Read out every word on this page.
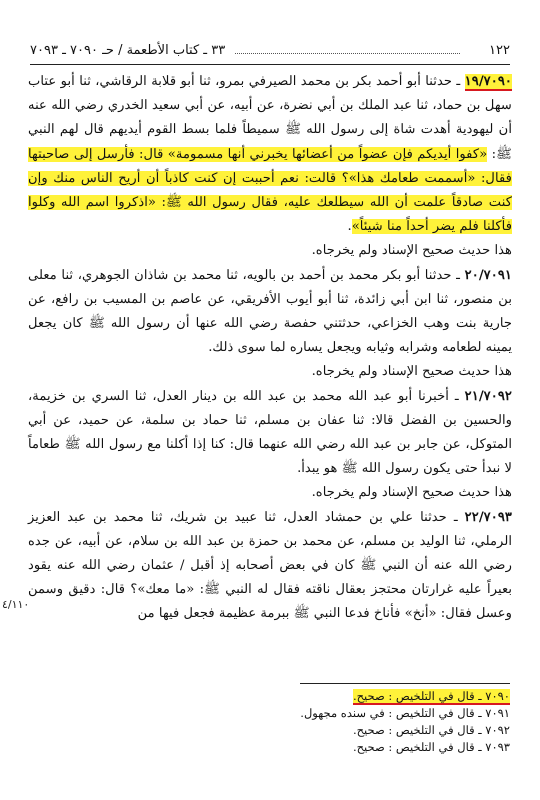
١٢٢
٣٣ ـ كتاب الأطعمة / حـ ٧٠٩٠ ـ ٧٠٩٣

١٩/٧٠٩٠ ـ حدثنا أبو أحمد بكر بن محمد الصيرفي بمرو، ثنا أبو قلابة الرقاشي، ثنا أبو عتاب سهل بن حماد، ثنا عبد الملك بن أبي نضرة، عن أبيه، عن أبي سعيد الخدري رضي الله عنه أن ليهودية أهدت شاة إلى رسول الله ﷺ سميطاً فلما بسط القوم أيديهم قال لهم النبي ﷺ: «كفوا أيديكم فإن عضواً من أعضائها يخبرني أنها مسمومة» قال: فأرسل إلى صاحبتها فقال: «أسممت طعامك هذا»؟ قالت: نعم أحببت إن كنت كاذباً أن أريح الناس منك وإن كنت صادقاً علمت أن الله سيطلعك عليه، فقال رسول الله ﷺ: «اذكروا اسم الله وكلوا فأكلنا فلم يضر أحداً منا شيئاً».

هذا حديث صحيح الإسناد ولم يخرجاه.

٢٠/٧٠٩١ ـ حدثنا أبو بكر محمد بن أحمد بن بالويه، ثنا محمد بن شاذان الجوهري، ثنا معلى بن منصور، ثنا ابن أبي زائدة، ثنا أبو أيوب الأفريقي، عن عاصم بن المسيب بن رافع، عن جارية بنت وهب الخزاعي، حدثتني حفصة رضي الله عنها أن رسول الله ﷺ كان يجعل يمينه لطعامه وشرابه وثيابه ويجعل يساره لما سوى ذلك.

هذا حديث صحيح الإسناد ولم يخرجاه.

٢١/٧٠٩٢ ـ أخبرنا أبو عبد الله محمد بن عبد الله بن دينار العدل، ثنا السري بن خزيمة، والحسين بن الفضل قالا: ثنا عفان بن مسلم، ثنا حماد بن سلمة، عن حميد، عن أبي المتوكل، عن جابر بن عبد الله رضي الله عنهما قال: كنا إذا أكلنا مع رسول الله ﷺ طعاماً لا نبدأ حتى يكون رسول الله ﷺ هو يبدأ.

هذا حديث صحيح الإسناد ولم يخرجاه.

٢٢/٧٠٩٣ ـ حدثنا علي بن حمشاد العدل، ثنا عبيد بن شريك، ثنا محمد بن عبد العزيز الرملي، ثنا الوليد بن مسلم، عن محمد بن حمزة بن عبد الله بن سلام، عن أبيه، عن جده رضي الله عنه أن النبي ﷺ كان في بعض أصحابه إذ أقبل / عثمان رضي الله عنه يقود بعيراً عليه غرارتان محتجز بعقال ناقته فقال له النبي ﷺ: «ما معك»؟ قال: دقيق وسمن وعسل فقال: «أنخ» فأناخ فدعا النبي ﷺ ببرمة عظيمة فجعل فيها من

٤/١١٠
٧٠٩٠ ـ قال في التلخيص : صحيح.
٧٠٩١ ـ قال في التلخيص : في سنده مجهول.
٧٠٩٢ ـ قال في التلخيص : صحيح.
٧٠٩٣ ـ قال في التلخيص : صحيح.
